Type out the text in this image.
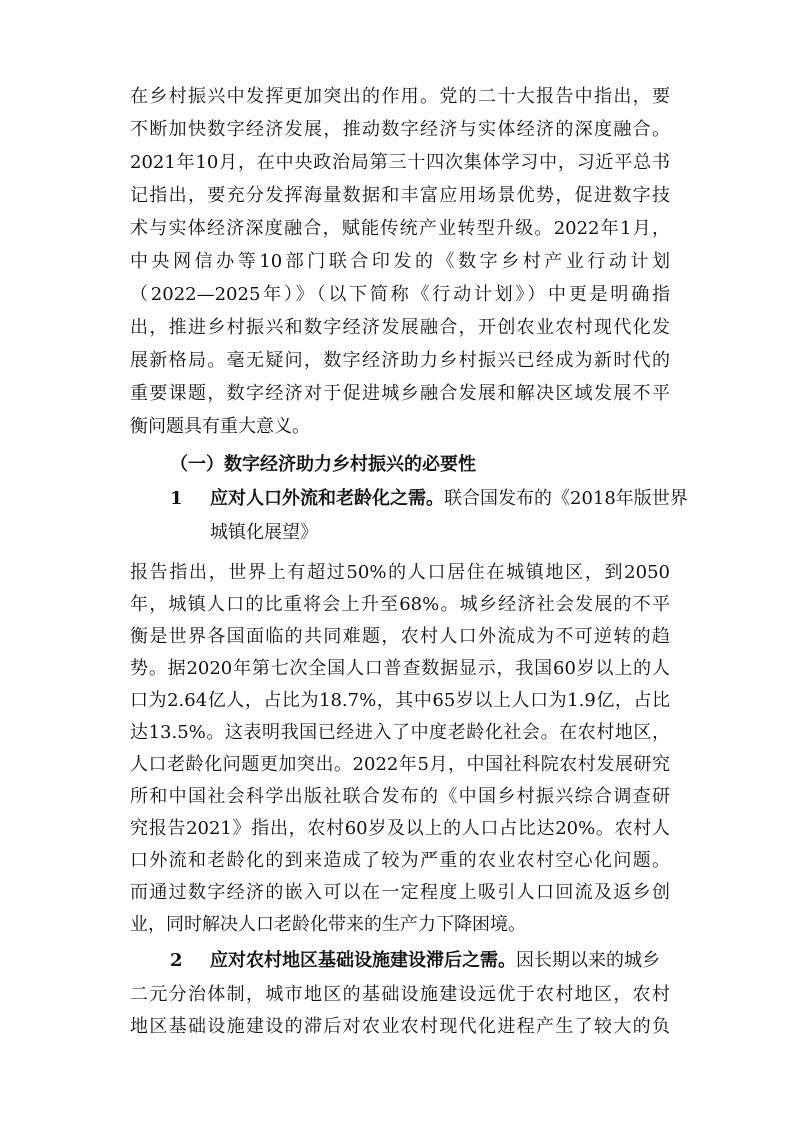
在乡村振兴中发挥更加突出的作用。党的二十大报告中指出，要
不断加快数字经济发展，推动数字经济与实体经济的深度融合。
2021年10月，在中央政治局第三十四次集体学习中，习近平总书
记指出，要充分发挥海量数据和丰富应用场景优势，促进数字技
术与实体经济深度融合，赋能传统产业转型升级。2022年1月，
中央网信办等10部门联合印发的《数字乡村产业行动计划
（2022—2025年）》（以下简称《行动计划》）中更是明确指
出，推进乡村振兴和数字经济发展融合，开创农业农村现代化发
展新格局。毫无疑问，数字经济助力乡村振兴已经成为新时代的
重要课题，数字经济对于促进城乡融合发展和解决区域发展不平
衡问题具有重大意义。
（一）数字经济助力乡村振兴的必要性
1 应对人口外流和老龄化之需。联合国发布的《2018年版世界
城镇化展望》
报告指出，世界上有超过50%的人口居住在城镇地区，到2050
年，城镇人口的比重将会上升至68%。城乡经济社会发展的不平
衡是世界各国面临的共同难题，农村人口外流成为不可逆转的趋
势。据2020年第七次全国人口普查数据显示，我国60岁以上的人
口为2.64亿人，占比为18.7%，其中65岁以上人口为1.9亿，占比
达13.5%。这表明我国已经进入了中度老龄化社会。在农村地区，
人口老龄化问题更加突出。2022年5月，中国社科院农村发展研究
所和中国社会科学出版社联合发布的《中国乡村振兴综合调查研
究报告2021》指出，农村60岁及以上的人口占比达20%。农村人
口外流和老龄化的到来造成了较为严重的农业农村空心化问题。
而通过数字经济的嵌入可以在一定程度上吸引人口回流及返乡创
业，同时解决人口老龄化带来的生产力下降困境。
2 应对农村地区基础设施建设滞后之需。因长期以来的城乡
二元分治体制，城市地区的基础设施建设远优于农村地区，农村
地区基础设施建设的滞后对农业农村现代化进程产生了较大的负
